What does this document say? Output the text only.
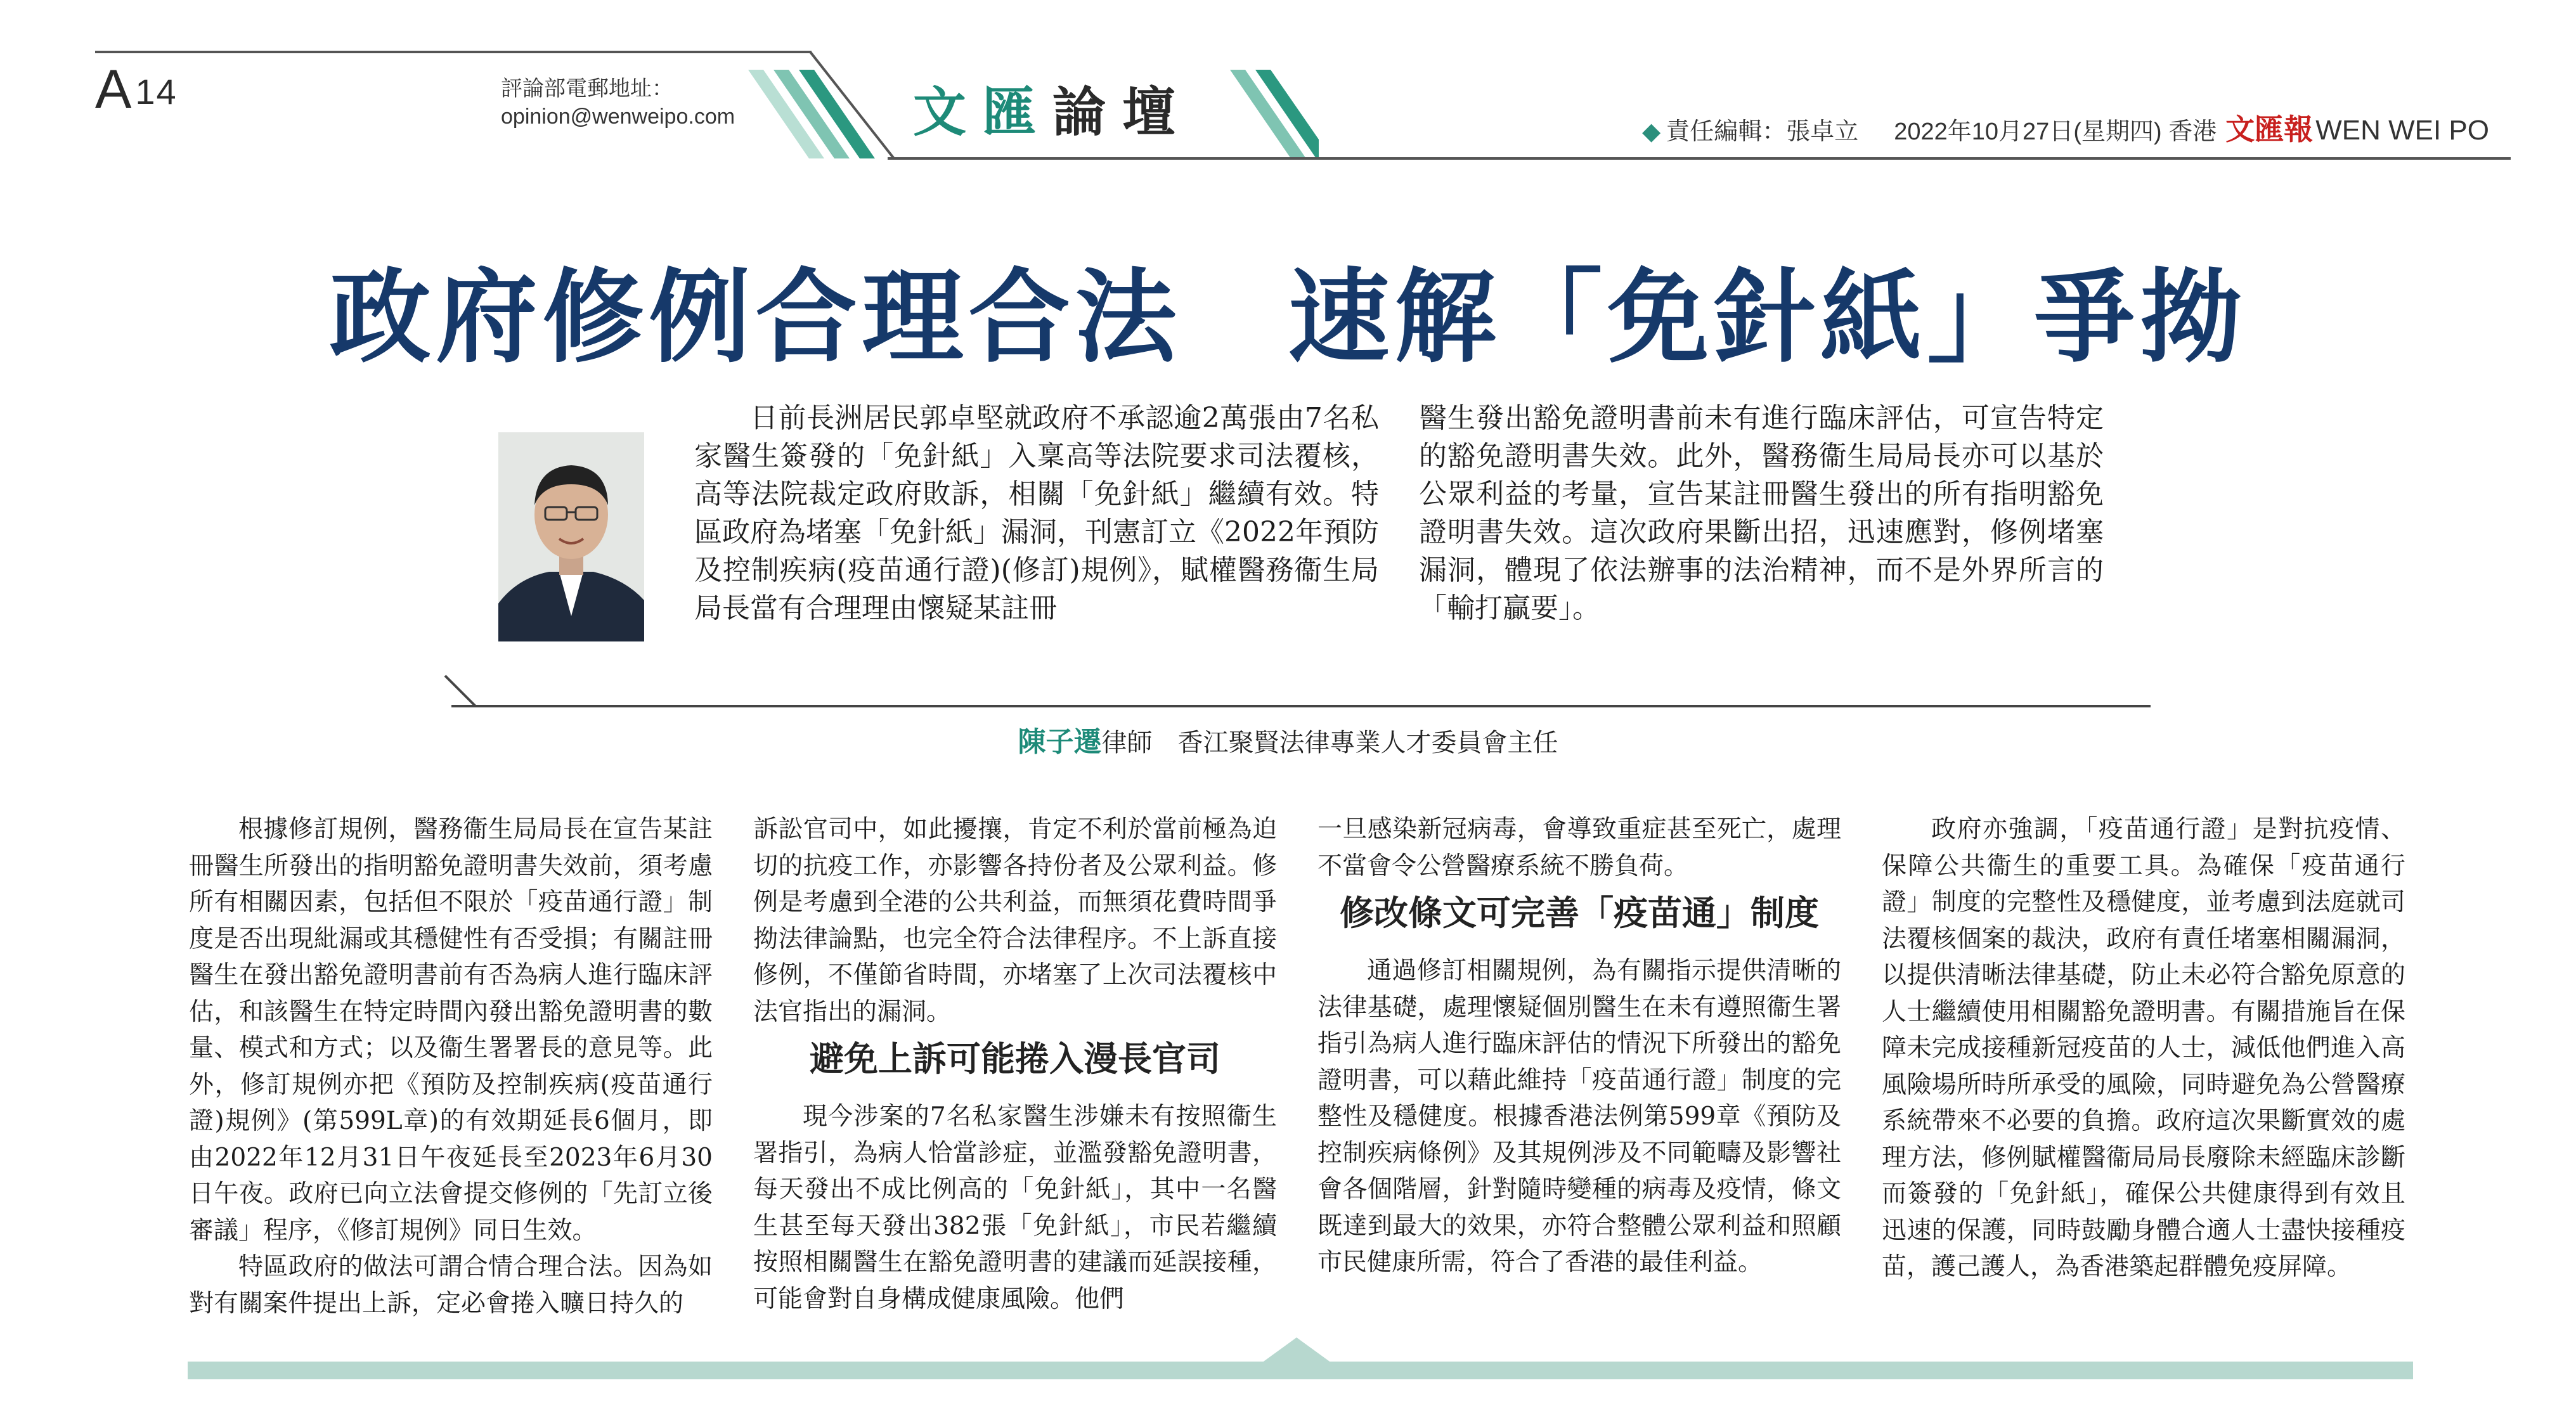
A14	評論部電郵地址：
opinion@wenweipo.com	文匯論壇	◆ 責任編輯：張卓立 2022年10月27日(星期四) 香港 文匯報WEN WEI PO
政府修例合理合法　速解「免針紙」爭拗

日前長洲居民郭卓堅就政府不承認逾2萬張由7名私家醫生簽發的「免針紙」入稟高等法院要求司法覆核，高等法院裁定政府敗訴，相關「免針紙」繼續有效。特區政府為堵塞「免針紙」漏洞，刊憲訂立《2022年預防及控制疾病(疫苗通行證)(修訂)規例》，賦權醫務衞生局局長當有合理理由懷疑某註冊

醫生發出豁免證明書前未有進行臨床評估，可宣告特定的豁免證明書失效。此外，醫務衞生局局長亦可以基於公眾利益的考量，宣告某註冊醫生發出的所有指明豁免證明書失效。這次政府果斷出招，迅速應對，修例堵塞漏洞，體現了依法辦事的法治精神，而不是外界所言的「輸打贏要」。

陳子遷律師　香江聚賢法律專業人才委員會主任

根據修訂規例，醫務衞生局局長在宣告某註冊醫生所發出的指明豁免證明書失效前，須考慮所有相關因素，包括但不限於「疫苗通行證」制度是否出現紕漏或其穩健性有否受損；有關註冊醫生在發出豁免證明書前有否為病人進行臨床評估，和該醫生在特定時間內發出豁免證明書的數量、模式和方式；以及衞生署署長的意見等。此外，修訂規例亦把《預防及控制疾病(疫苗通行證)規例》(第599L章)的有效期延長6個月，即由2022年12月31日午夜延長至2023年6月30日午夜。政府已向立法會提交修例的「先訂立後審議」程序，《修訂規例》同日生效。

特區政府的做法可謂合情合理合法。因為如對有關案件提出上訴，定必會捲入曠日持久的

訴訟官司中，如此擾攘，肯定不利於當前極為迫切的抗疫工作，亦影響各持份者及公眾利益。修例是考慮到全港的公共利益，而無須花費時間爭拗法律論點，也完全符合法律程序。不上訴直接修例，不僅節省時間，亦堵塞了上次司法覆核中法官指出的漏洞。

避免上訴可能捲入漫長官司

現今涉案的7名私家醫生涉嫌未有按照衞生署指引，為病人恰當診症，並濫發豁免證明書，每天發出不成比例高的「免針紙」，其中一名醫生甚至每天發出382張「免針紙」，市民若繼續按照相關醫生在豁免證明書的建議而延誤接種，可能會對自身構成健康風險。他們

一旦感染新冠病毒，會導致重症甚至死亡，處理不當會令公營醫療系統不勝負荷。

修改條文可完善「疫苗通」制度

通過修訂相關規例，為有關指示提供清晰的法律基礎，處理懷疑個別醫生在未有遵照衞生署指引為病人進行臨床評估的情況下所發出的豁免證明書，可以藉此維持「疫苗通行證」制度的完整性及穩健度。根據香港法例第599章《預防及控制疾病條例》及其規例涉及不同範疇及影響社會各個階層，針對隨時變種的病毒及疫情，條文既達到最大的效果，亦符合整體公眾利益和照顧市民健康所需，符合了香港的最佳利益。

政府亦強調，「疫苗通行證」是對抗疫情、保障公共衞生的重要工具。為確保「疫苗通行證」制度的完整性及穩健度，並考慮到法庭就司法覆核個案的裁決，政府有責任堵塞相關漏洞，以提供清晰法律基礎，防止未必符合豁免原意的人士繼續使用相關豁免證明書。有關措施旨在保障未完成接種新冠疫苗的人士，減低他們進入高風險場所時所承受的風險，同時避免為公營醫療系統帶來不必要的負擔。政府這次果斷實效的處理方法，修例賦權醫衞局局長廢除未經臨床診斷而簽發的「免針紙」，確保公共健康得到有效且迅速的保護，同時鼓勵身體合適人士盡快接種疫苗，護己護人，為香港築起群體免疫屏障。
